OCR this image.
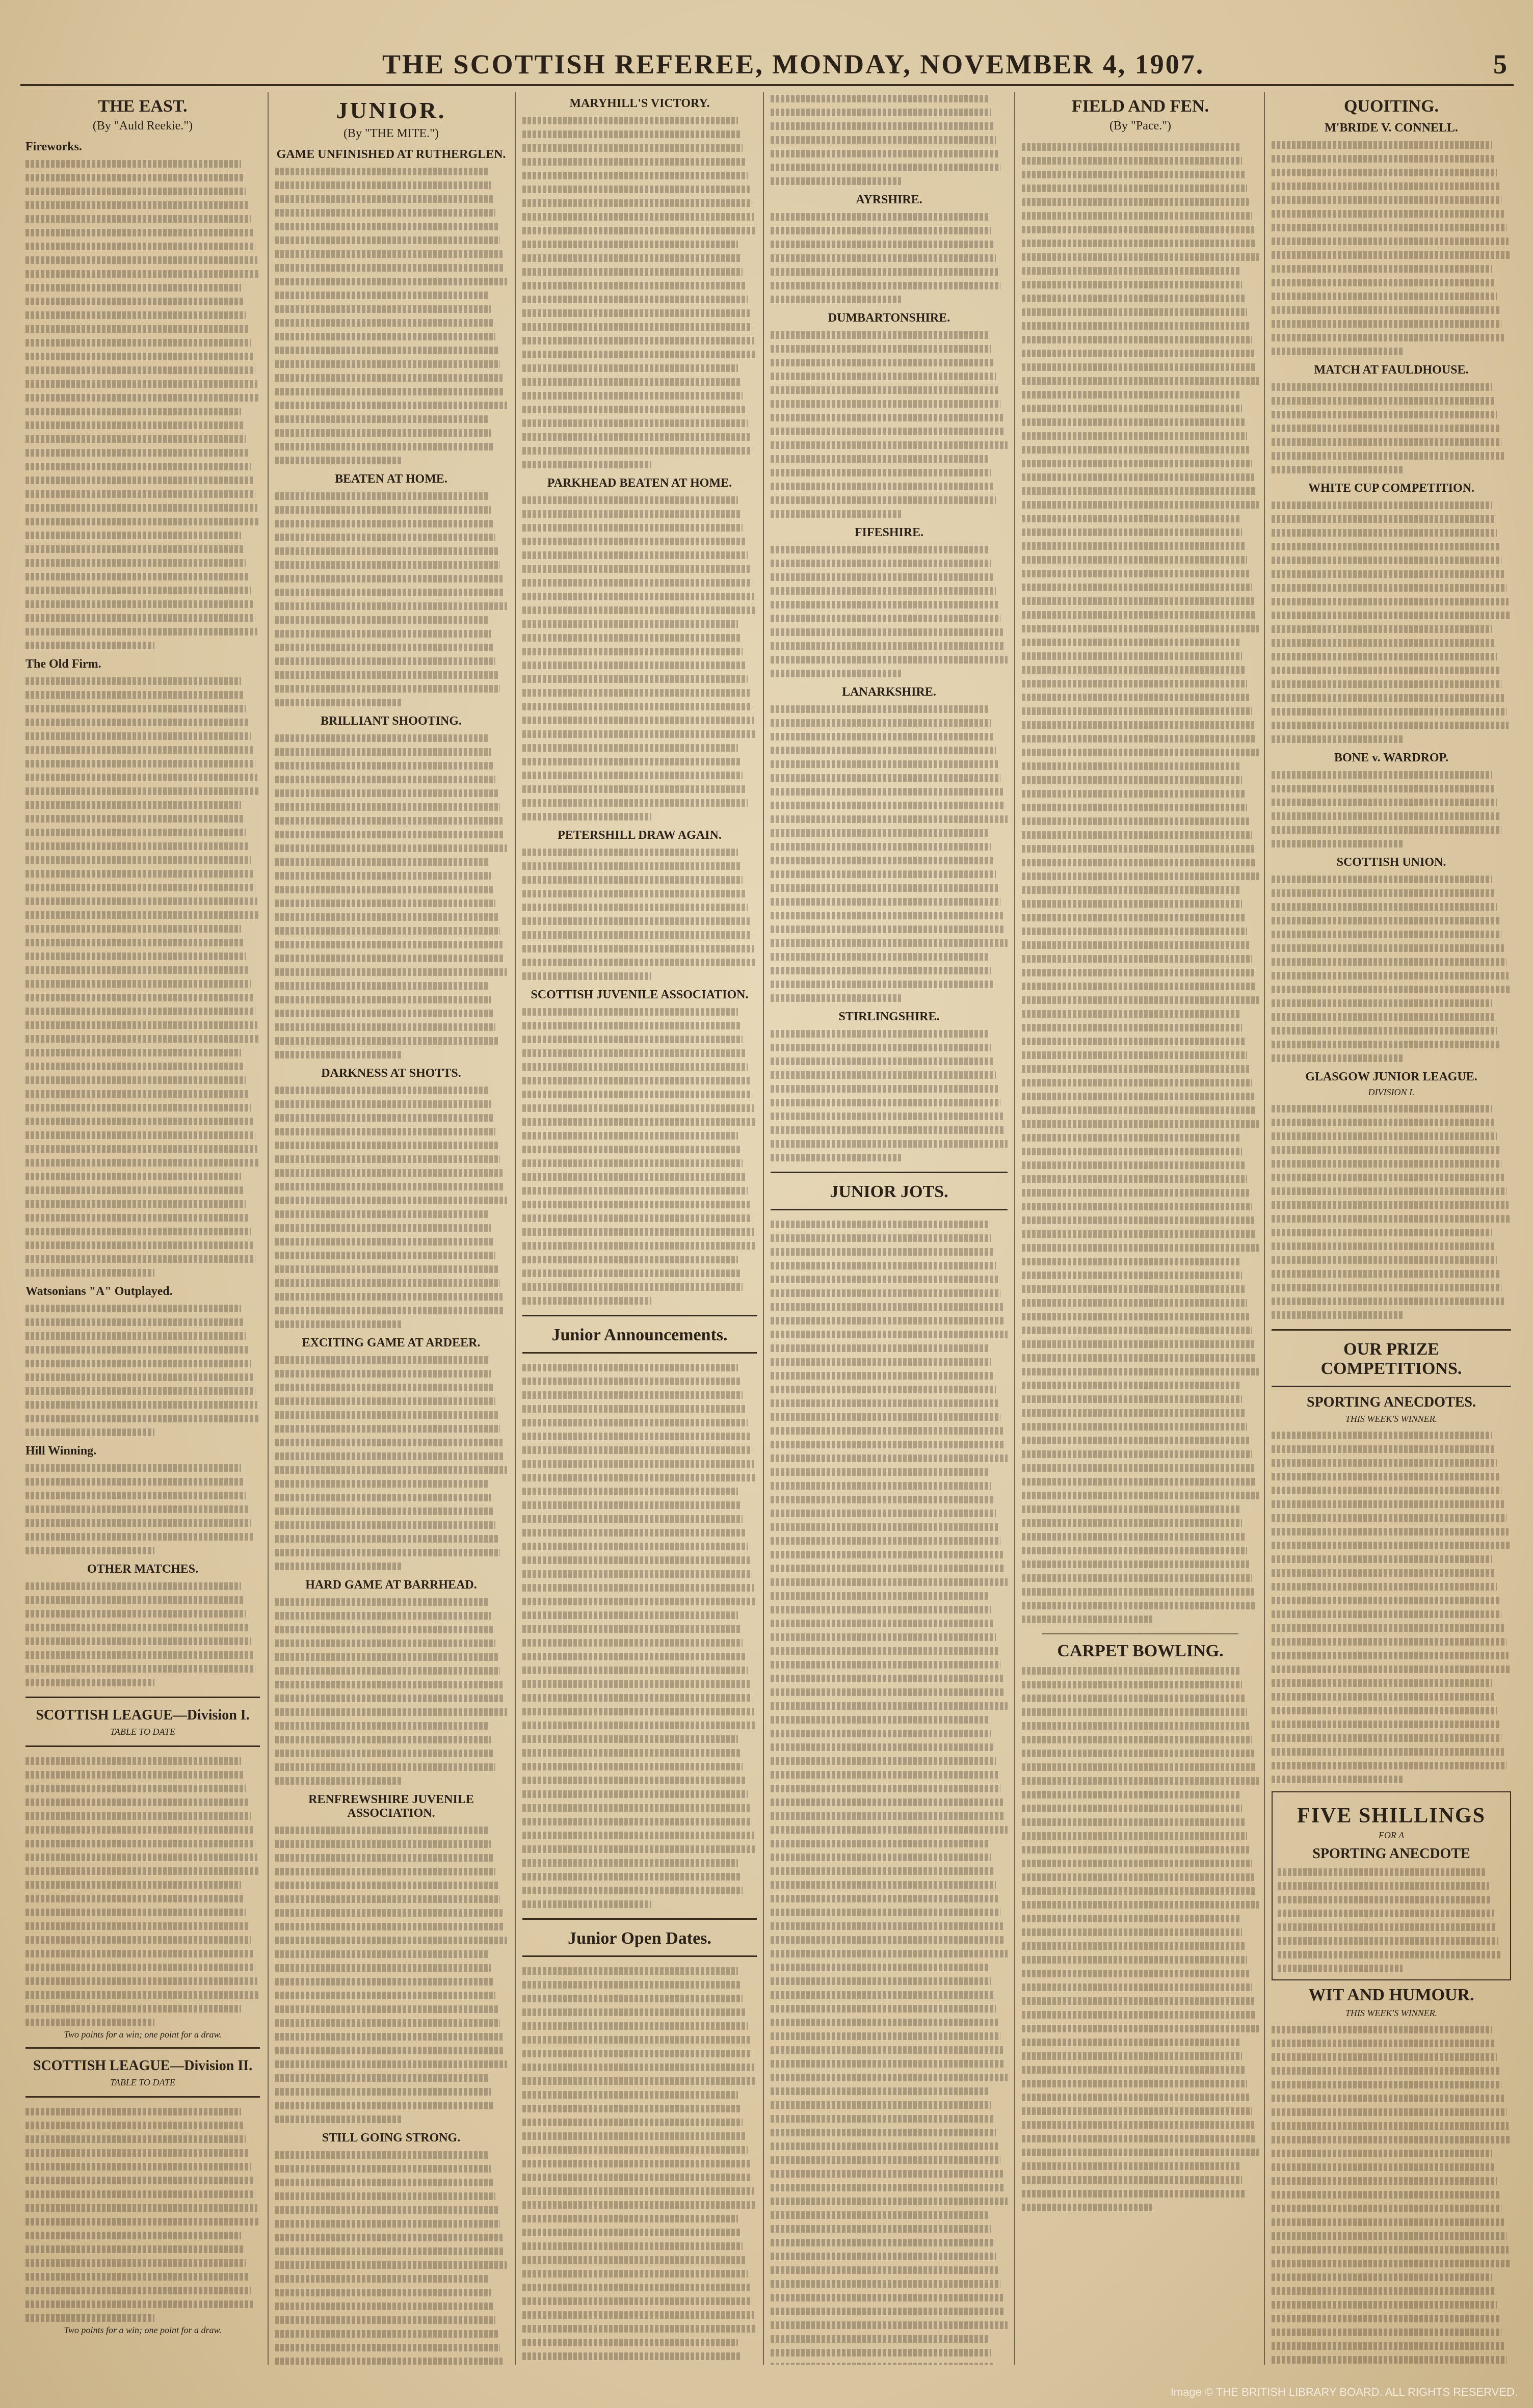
THE SCOTTISH REFEREE, MONDAY, NOVEMBER 4, 1907.	5
THE EAST.
(By "Auld Reekie.")
Fireworks.
The Old Firm.
Watsonians "A" Outplayed.
Hill Winning.
OTHER MATCHES.
SCOTTISH LEAGUE—Division I.
TABLE TO DATE
Two points for a win; one point for a draw.
SCOTTISH LEAGUE—Division II.
TABLE TO DATE
Two points for a win; one point for a draw.
JUNIOR.
(By "THE MITE.")
GAME UNFINISHED AT RUTHERGLEN.
BEATEN AT HOME.
BRILLIANT SHOOTING.
DARKNESS AT SHOTTS.
EXCITING GAME AT ARDEER.
HARD GAME AT BARRHEAD.
RENFREWSHIRE JUVENILE ASSOCIATION.
STILL GOING STRONG.
MARYHILL'S VICTORY.
PARKHEAD BEATEN AT HOME.
PETERSHILL DRAW AGAIN.
SCOTTISH JUVENILE ASSOCIATION.
Junior Announcements.
Junior Open Dates.
AYRSHIRE.
DUMBARTONSHIRE.
FIFESHIRE.
LANARKSHIRE.
STIRLINGSHIRE.
JUNIOR JOTS.
FIELD AND FEN.
(By "Pace.")
CARPET BOWLING.
QUOITING.
M'BRIDE V. CONNELL.
MATCH AT FAULDHOUSE.
WHITE CUP COMPETITION.
BONE v. WARDROP.
SCOTTISH UNION.
GLASGOW JUNIOR LEAGUE.
DIVISION I.
OUR PRIZE COMPETITIONS.
SPORTING ANECDOTES.
THIS WEEK'S WINNER.
FIVE SHILLINGS
FOR A
SPORTING ANECDOTE
WIT AND HUMOUR.
THIS WEEK'S WINNER.
Image © THE BRITISH LIBRARY BOARD. ALL RIGHTS RESERVED.
